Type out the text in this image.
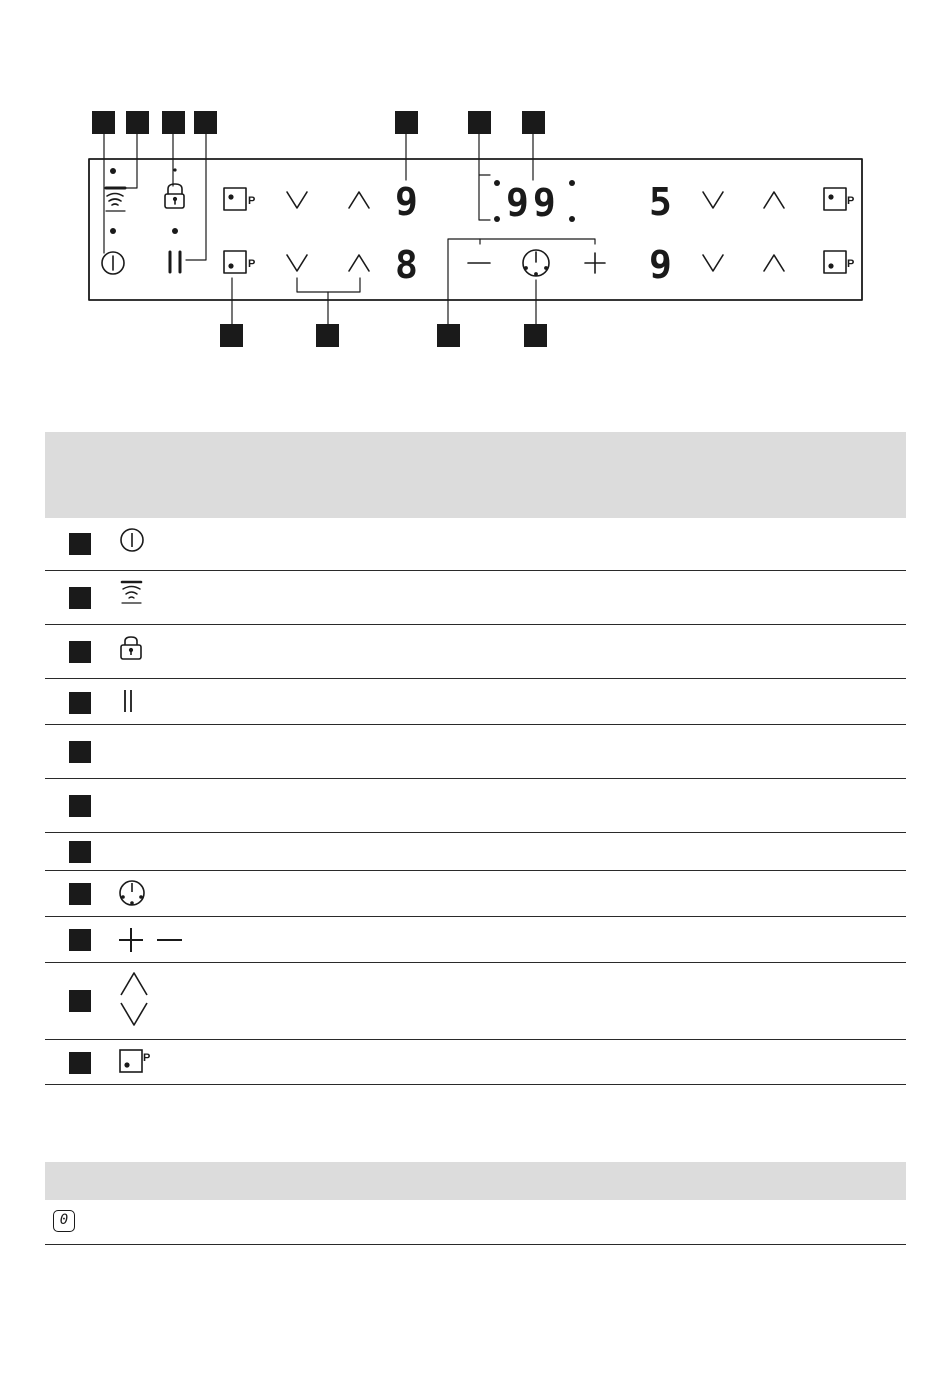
P
P
P
P
9
8
99 5
9
P
0
